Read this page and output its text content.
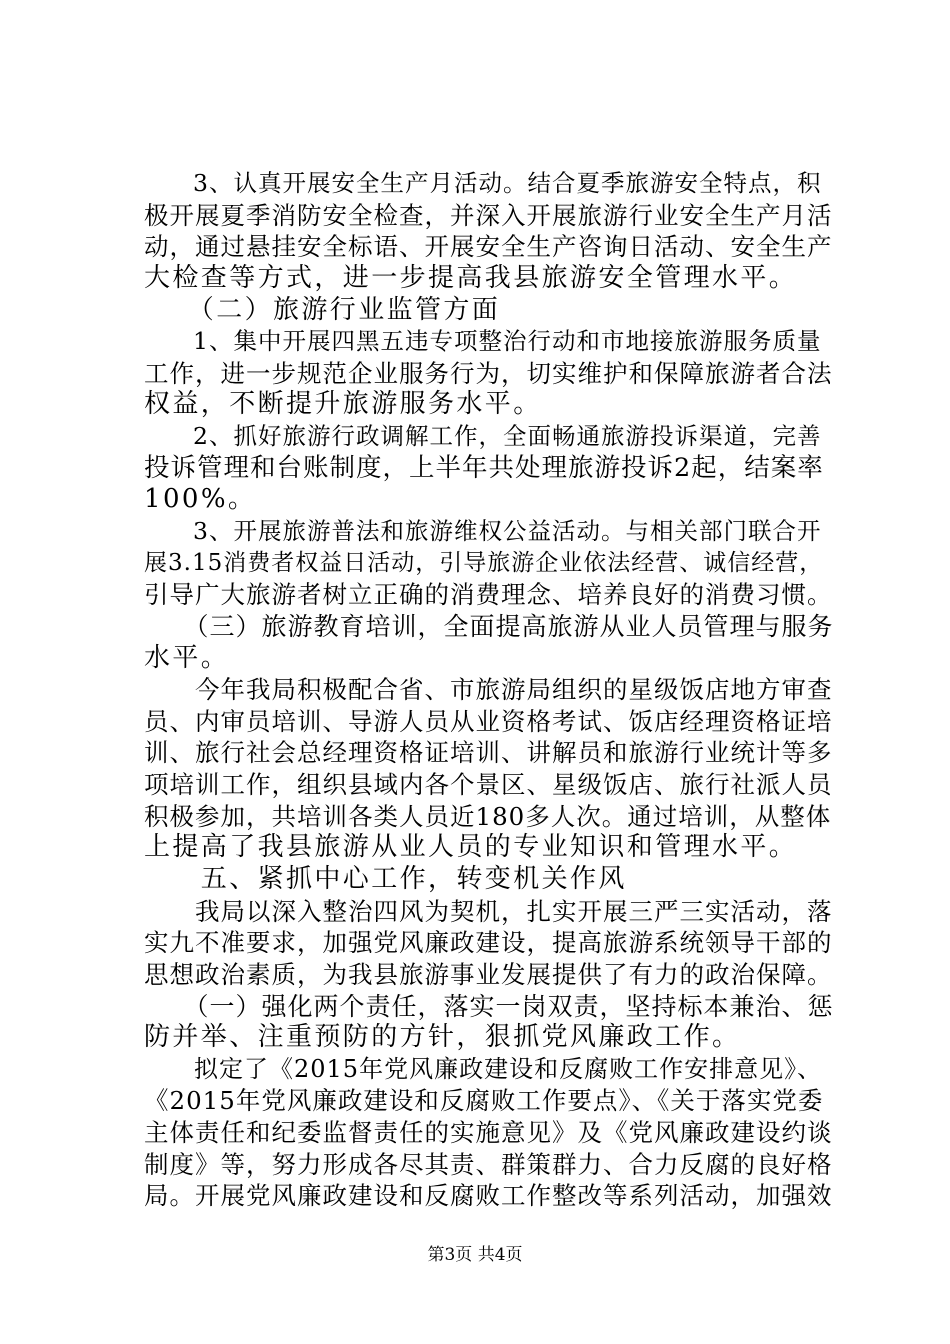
　　3、认真开展安全生产月活动。结合夏季旅游安全特点，积
极开展夏季消防安全检查，并深入开展旅游行业安全生产月活
动，通过悬挂安全标语、开展安全生产咨询日活动、安全生产
大检查等方式，进一步提高我县旅游安全管理水平。
　　（二）旅游行业监管方面
　　1、集中开展四黑五违专项整治行动和市地接旅游服务质量
工作，进一步规范企业服务行为，切实维护和保障旅游者合法
权益，不断提升旅游服务水平。
　　2、抓好旅游行政调解工作，全面畅通旅游投诉渠道，完善
投诉管理和台账制度，上半年共处理旅游投诉2起，结案率
100%。
　　3、开展旅游普法和旅游维权公益活动。与相关部门联合开
展3.15消费者权益日活动，引导旅游企业依法经营、诚信经营，
引导广大旅游者树立正确的消费理念、培养良好的消费习惯。
　　（三）旅游教育培训，全面提高旅游从业人员管理与服务
水平。
　　今年我局积极配合省、市旅游局组织的星级饭店地方审查
员、内审员培训、导游人员从业资格考试、饭店经理资格证培
训、旅行社会总经理资格证培训、讲解员和旅游行业统计等多
项培训工作，组织县域内各个景区、星级饭店、旅行社派人员
积极参加，共培训各类人员近180多人次。通过培训，从整体
上提高了我县旅游从业人员的专业知识和管理水平。
　　五、紧抓中心工作，转变机关作风
　　我局以深入整治四风为契机，扎实开展三严三实活动，落
实九不准要求，加强党风廉政建设，提高旅游系统领导干部的
思想政治素质，为我县旅游事业发展提供了有力的政治保障。
　　（一）强化两个责任，落实一岗双责，坚持标本兼治、惩
防并举、注重预防的方针，狠抓党风廉政工作。
　　拟定了《2015年党风廉政建设和反腐败工作安排意见》、
《2015年党风廉政建设和反腐败工作要点》、《关于落实党委
主体责任和纪委监督责任的实施意见》及《党风廉政建设约谈
制度》等，努力形成各尽其责、群策群力、合力反腐的良好格
局。开展党风廉政建设和反腐败工作整改等系列活动，加强效
第3页 共4页
